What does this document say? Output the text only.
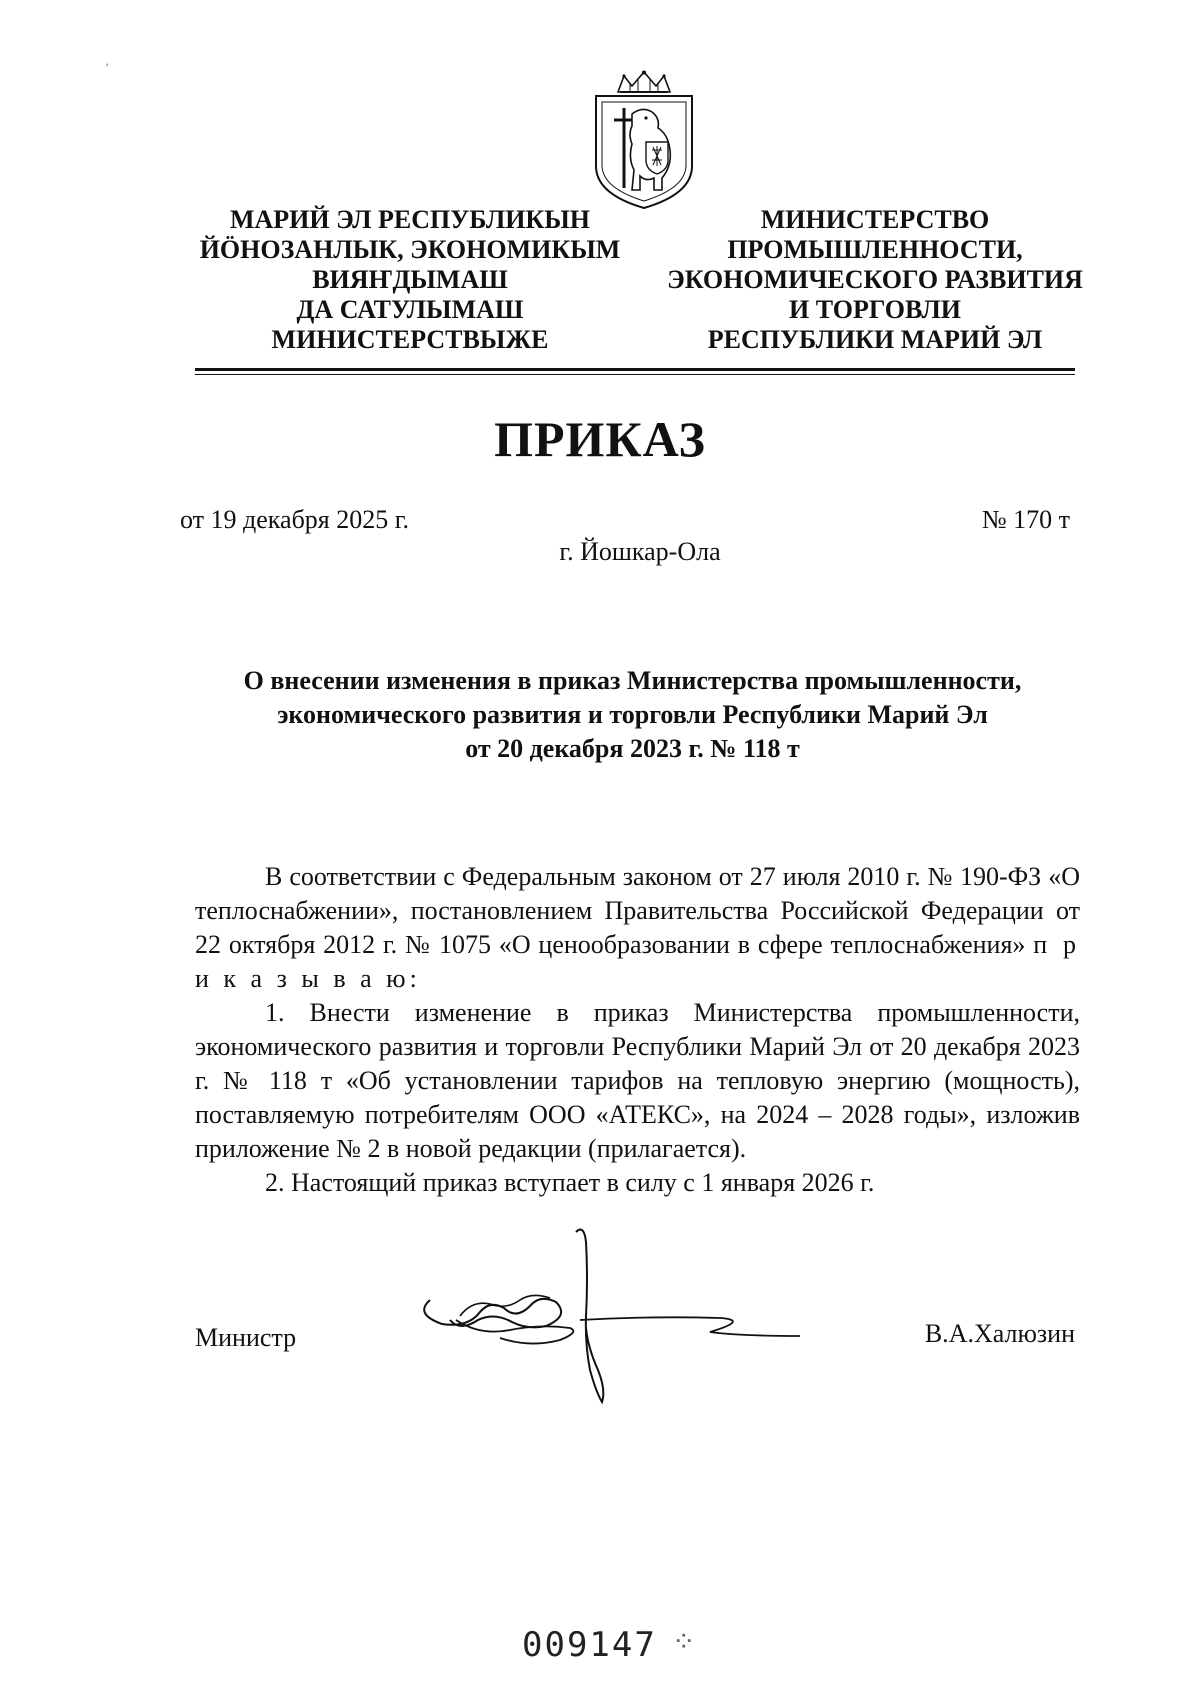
МАРИЙ ЭЛ РЕСПУБЛИКЫН
ЙӦНОЗАНЛЫК, ЭКОНОМИКЫМ
ВИЯҤДЫМАШ
ДА САТУЛЫМАШ
МИНИСТЕРСТВЫЖЕ
МИНИСТЕРСТВО
ПРОМЫШЛЕННОСТИ,
ЭКОНОМИЧЕСКОГО РАЗВИТИЯ
И ТОРГОВЛИ
РЕСПУБЛИКИ МАРИЙ ЭЛ
ПРИКАЗ
от 19 декабря 2025 г.	№ 170 т
г. Йошкар-Ола
О внесении изменения в приказ Министерства промышленности,
экономического развития и торговли Республики Марий Эл
от 20 декабря 2023 г. № 118 т

В соответствии с Федеральным законом от 27 июля 2010 г. № 190-ФЗ «О теплоснабжении», постановлением Правительства Российской Федерации от 22 октября 2012 г. № 1075 «О ценообразовании в сфере теплоснабжения» п р и к а з ы в а ю:

1. Внести изменение в приказ Министерства промышленности, экономического развития и торговли Республики Марий Эл от 20 декабря 2023 г. № 118 т «Об установлении тарифов на тепловую энергию (мощность), поставляемую потребителям ООО «АТЕКС», на 2024 – 2028 годы», изложив приложение № 2 в новой редакции (прилагается).

2. Настоящий приказ вступает в силу с 1 января 2026 г.

Министр	В.А.Халюзин
’
009147 ⁘
